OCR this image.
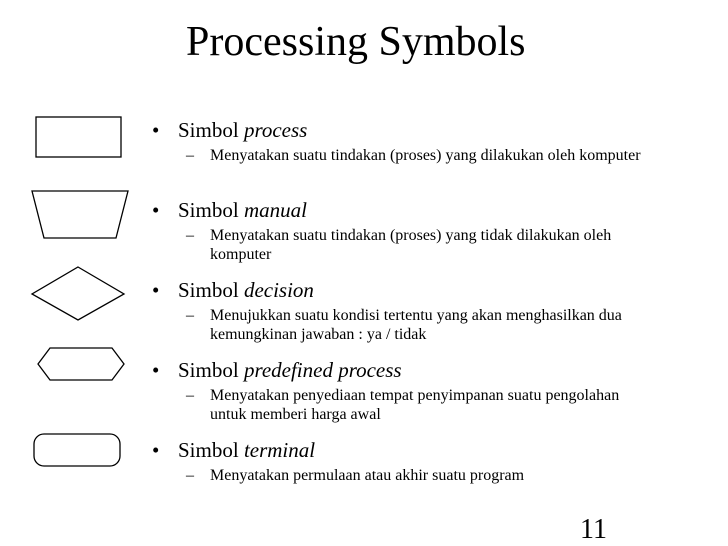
Processing Symbols
• Simbol process
– Menyatakan suatu tindakan (proses) yang dilakukan oleh komputer
• Simbol manual
– Menyatakan suatu tindakan (proses) yang tidak dilakukan oleh komputer
• Simbol decision
– Menujukkan suatu kondisi tertentu yang akan menghasilkan dua kemungkinan jawaban : ya / tidak
• Simbol predefined process
– Menyatakan penyediaan tempat penyimpanan suatu pengolahan untuk memberi harga awal
• Simbol terminal
– Menyatakan permulaan atau akhir suatu program
11
